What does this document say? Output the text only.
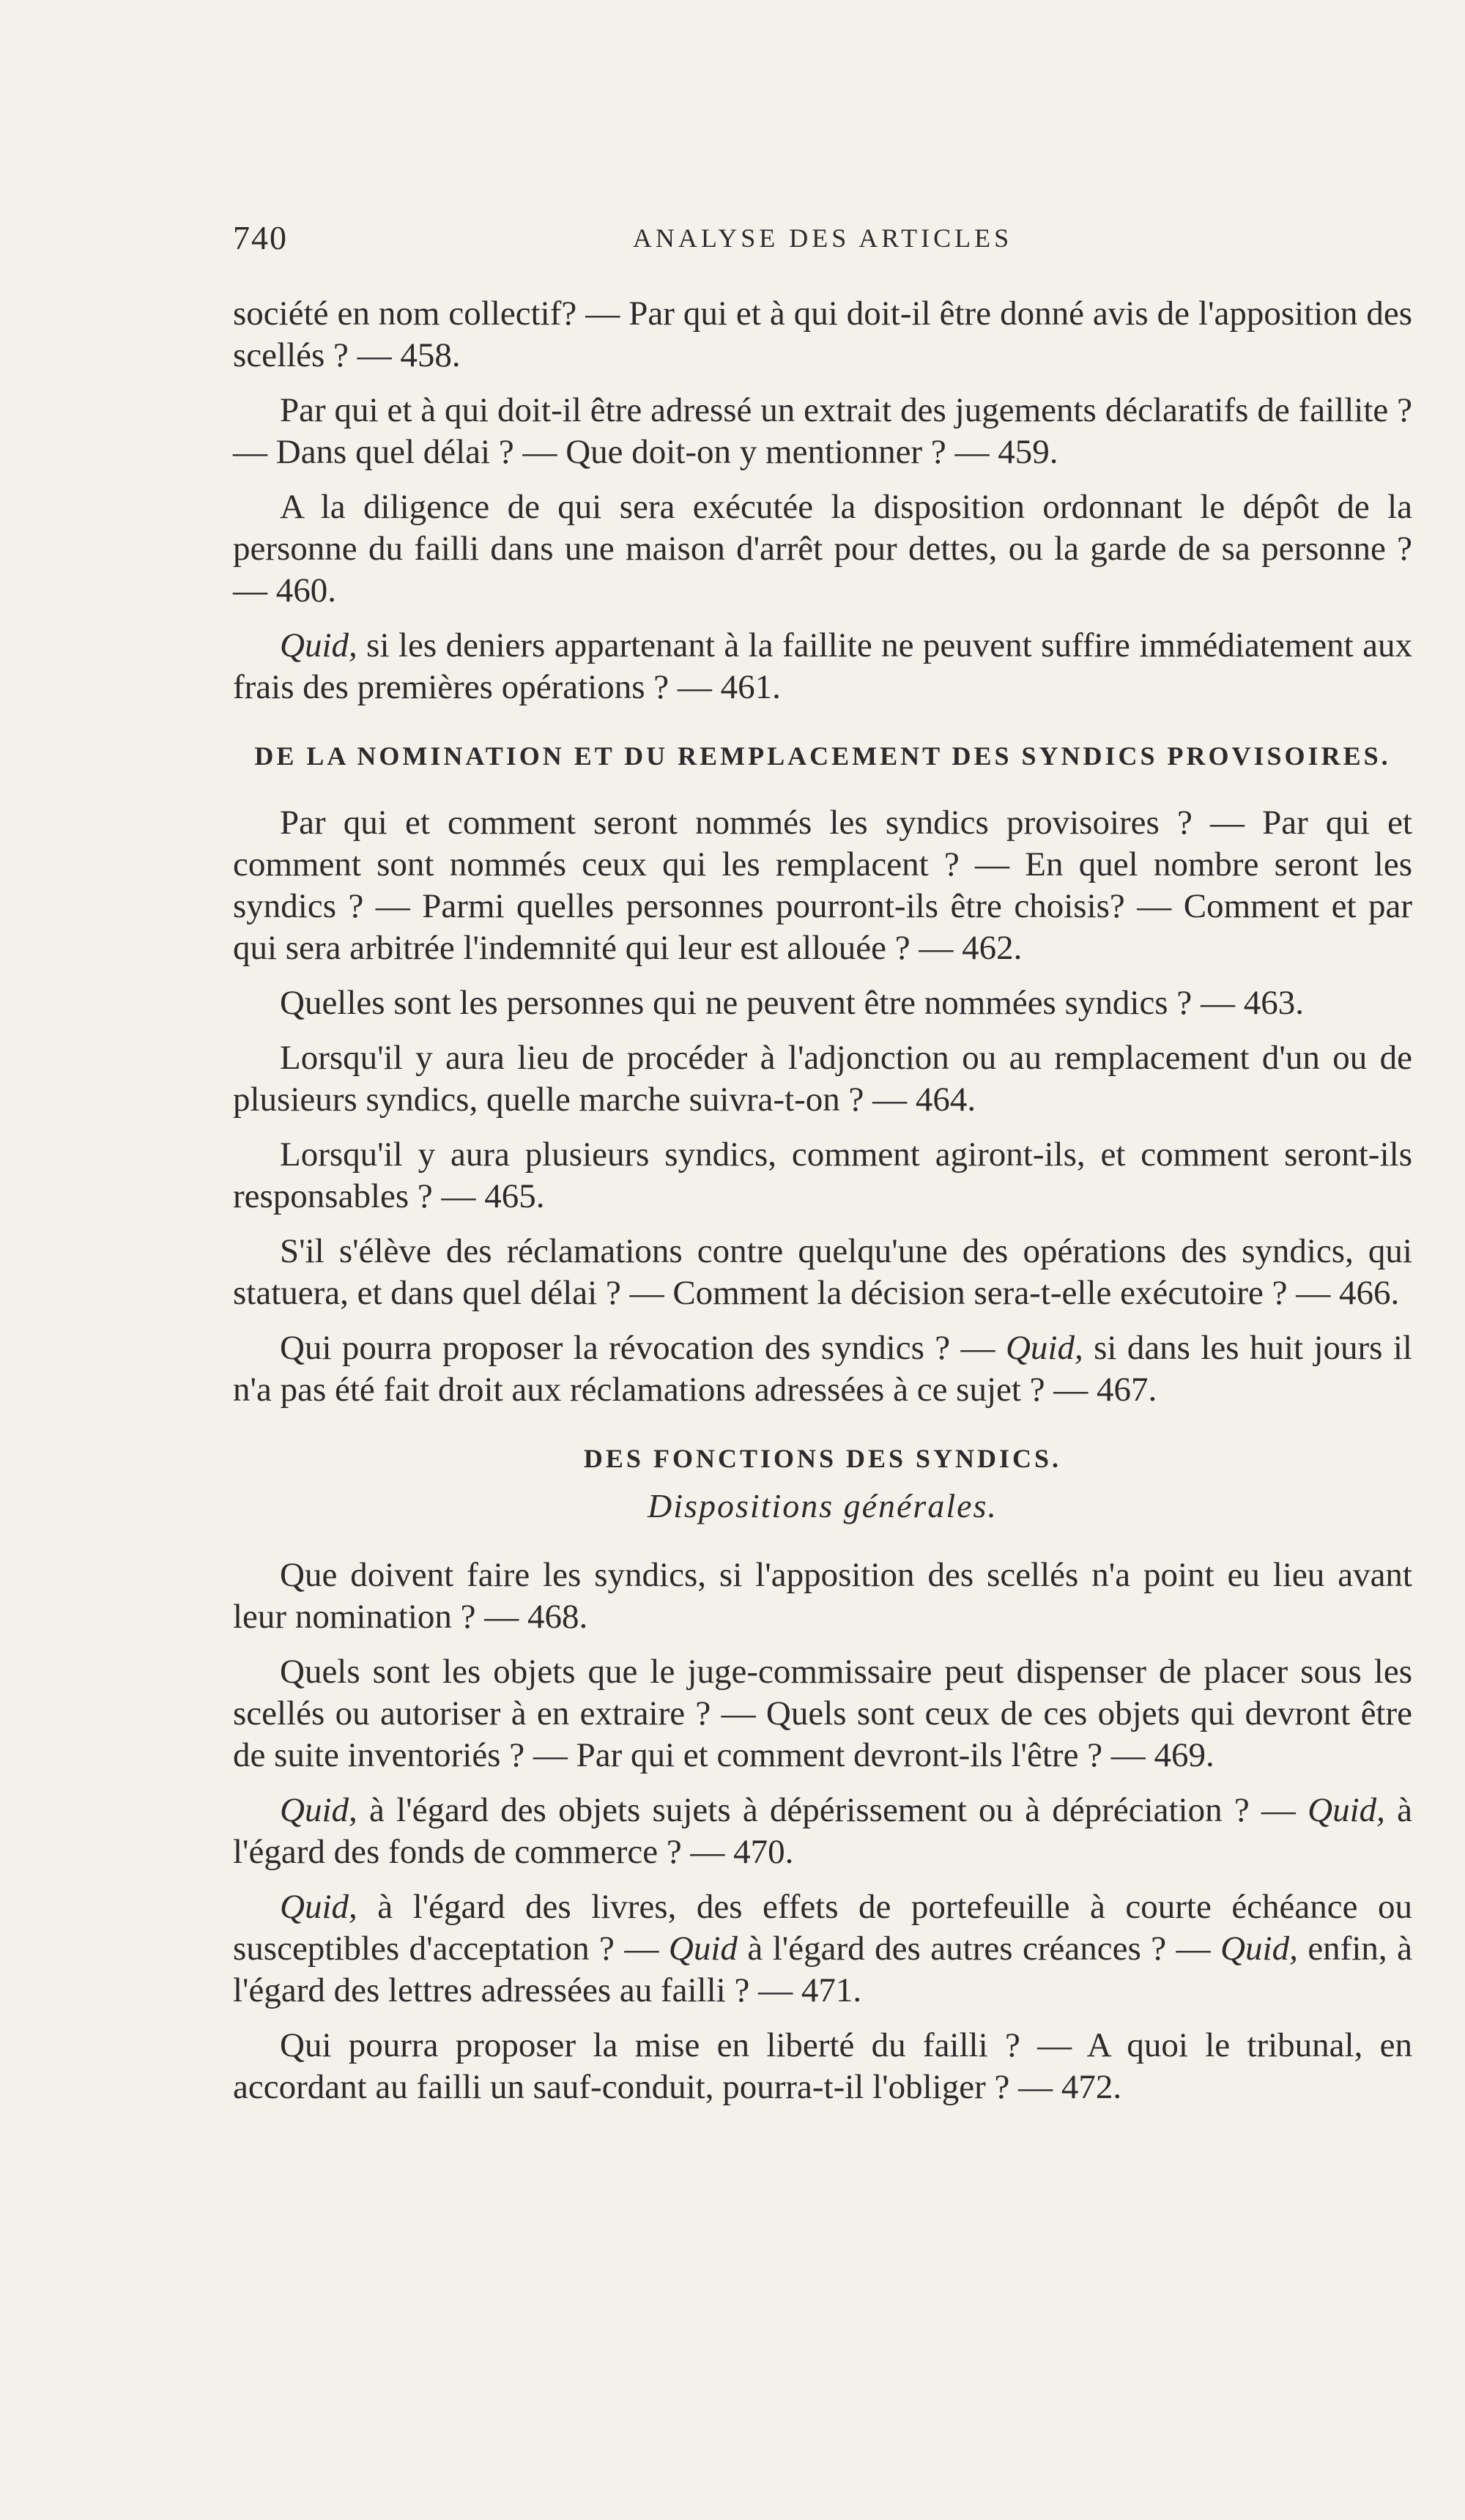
740	ANALYSE DES ARTICLES

société en nom collectif? — Par qui et à qui doit-il être donné avis de l'apposition des scellés ? — 458.

Par qui et à qui doit-il être adressé un extrait des jugements déclaratifs de faillite ? — Dans quel délai ? — Que doit-on y mentionner ? — 459.

A la diligence de qui sera exécutée la disposition ordonnant le dépôt de la personne du failli dans une maison d'arrêt pour dettes, ou la garde de sa personne ? — 460.

Quid, si les deniers appartenant à la faillite ne peuvent suffire immédiatement aux frais des premières opérations ? — 461.

DE LA NOMINATION ET DU REMPLACEMENT DES SYNDICS PROVISOIRES.

Par qui et comment seront nommés les syndics provisoires ? — Par qui et comment sont nommés ceux qui les remplacent ? — En quel nombre seront les syndics ? — Parmi quelles personnes pourront-ils être choisis? — Comment et par qui sera arbitrée l'indemnité qui leur est allouée ? — 462.

Quelles sont les personnes qui ne peuvent être nommées syndics ? — 463.

Lorsqu'il y aura lieu de procéder à l'adjonction ou au remplacement d'un ou de plusieurs syndics, quelle marche suivra-t-on ? — 464.

Lorsqu'il y aura plusieurs syndics, comment agiront-ils, et comment seront-ils responsables ? — 465.

S'il s'élève des réclamations contre quelqu'une des opérations des syndics, qui statuera, et dans quel délai ? — Comment la décision sera-t-elle exécutoire ? — 466.

Qui pourra proposer la révocation des syndics ? — Quid, si dans les huit jours il n'a pas été fait droit aux réclamations adressées à ce sujet ? — 467.

DES FONCTIONS DES SYNDICS.
Dispositions générales.

Que doivent faire les syndics, si l'apposition des scellés n'a point eu lieu avant leur nomination ? — 468.

Quels sont les objets que le juge-commissaire peut dispenser de placer sous les scellés ou autoriser à en extraire ? — Quels sont ceux de ces objets qui devront être de suite inventoriés ? — Par qui et comment devront-ils l'être ? — 469.

Quid, à l'égard des objets sujets à dépérissement ou à dépréciation ? — Quid, à l'égard des fonds de commerce ? — 470.

Quid, à l'égard des livres, des effets de portefeuille à courte échéance ou susceptibles d'acceptation ? — Quid à l'égard des autres créances ? — Quid, enfin, à l'égard des lettres adressées au failli ? — 471.

Qui pourra proposer la mise en liberté du failli ? — A quoi le tribunal, en accordant au failli un sauf-conduit, pourra-t-il l'obliger ? — 472.
